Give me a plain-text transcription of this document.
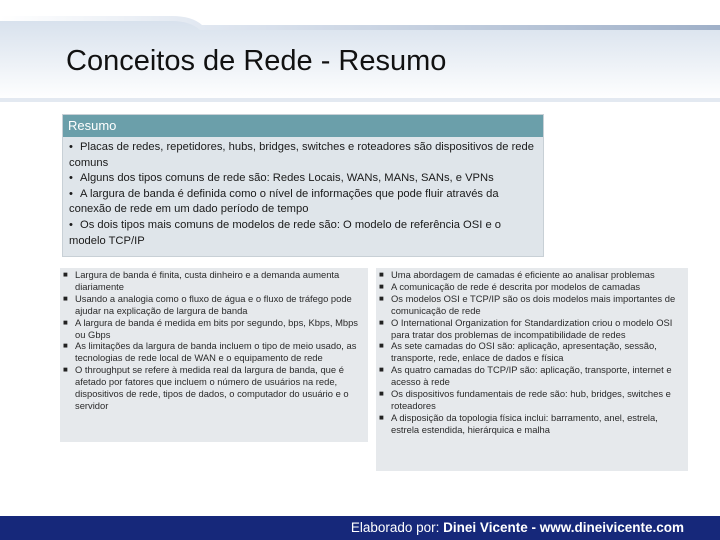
Conceitos de Rede - Resumo
Resumo
• Placas de redes, repetidores, hubs, bridges, switches e roteadores são dispositivos de rede comuns
• Alguns dos tipos comuns de rede são: Redes Locais, WANs, MANs, SANs, e VPNs
• A largura de banda é definida como o nível de informações que pode fluir através da conexão de rede em um dado período de tempo
• Os dois tipos mais comuns de modelos de rede são: O modelo de referência OSI e o modelo TCP/IP
■ Largura de banda é finita, custa dinheiro e a demanda aumenta diariamente
■ Usando a analogia como o fluxo de água e o fluxo de tráfego pode ajudar na explicação de largura de banda
■ A largura de banda é medida em bits por segundo, bps, Kbps, Mbps ou Gbps
■ As limitações da largura de banda incluem o tipo de meio usado, as tecnologias de rede local de WAN e o equipamento de rede
■ O throughput se refere à medida real da largura de banda, que é afetado por fatores que incluem o número de usuários na rede, dispositivos de rede, tipos de dados, o computador do usuário e o servidor
■ Uma abordagem de camadas é eficiente ao analisar problemas
■ A comunicação de rede é descrita por modelos de camadas
■ Os modelos OSI e TCP/IP são os dois modelos mais importantes de comunicação de rede
■ O International Organization for Standardization criou o modelo OSI para tratar dos problemas de incompatibilidade de redes
■ As sete camadas do OSI são: aplicação, apresentação, sessão, transporte, rede, enlace de dados e física
■ As quatro camadas do TCP/IP são: aplicação, transporte, internet e acesso à rede
■ Os dispositivos fundamentais de rede são: hub, bridges, switches e roteadores
■ A disposição da topologia física inclui: barramento, anel, estrela, estrela estendida, hierárquica e malha
Elaborado por: Dinei Vicente - www.dineivicente.com
